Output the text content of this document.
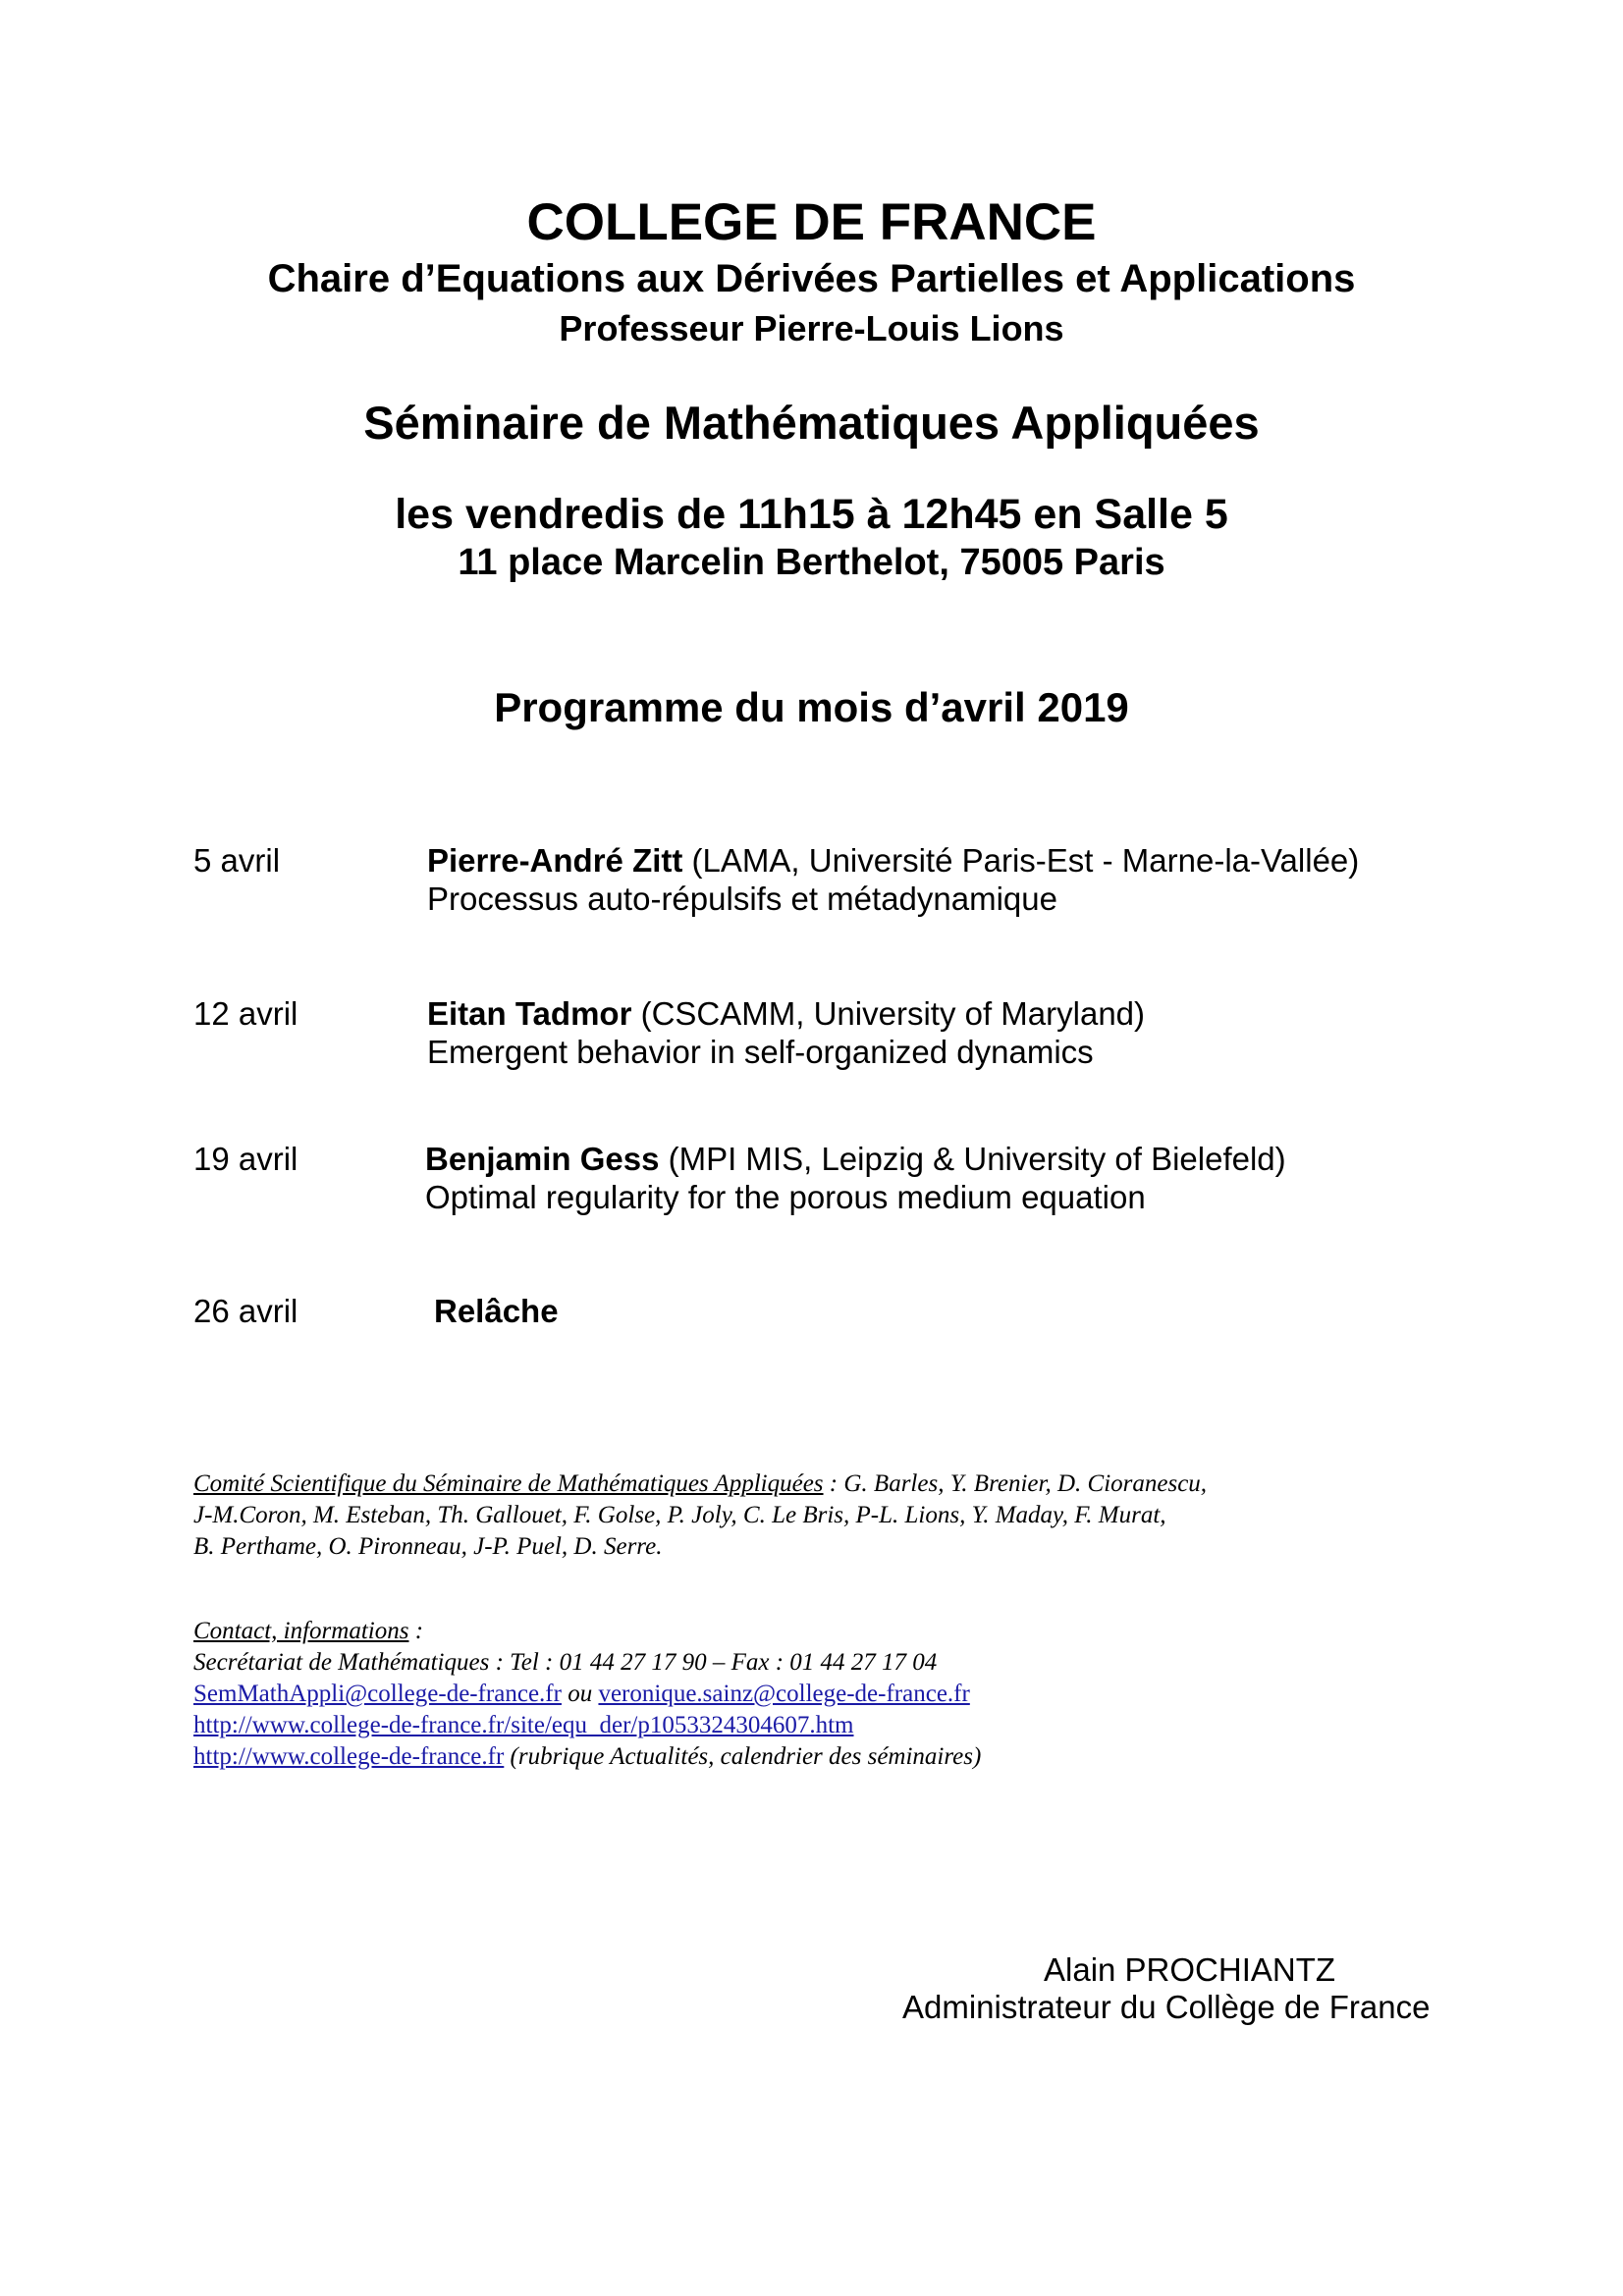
COLLEGE DE FRANCE
Chaire d’Equations aux Dérivées Partielles et Applications
Professeur Pierre-Louis Lions
Séminaire de Mathématiques Appliquées
les vendredis de 11h15 à 12h45 en Salle 5
11 place Marcelin Berthelot, 75005 Paris
Programme du mois d’avril 2019
5 avril	Pierre-André Zitt (LAMA, Université Paris-Est - Marne-la-Vallée)
Processus auto-répulsifs et métadynamique
12 avril	Eitan Tadmor (CSCAMM, University of Maryland)
Emergent behavior in self-organized dynamics
19 avril	Benjamin Gess (MPI MIS, Leipzig & University of Bielefeld)
Optimal regularity for the porous medium equation
26 avril	Relâche
Comité Scientifique du Séminaire de Mathématiques Appliquées : G. Barles, Y. Brenier, D. Cioranescu,
J-M.Coron, M. Esteban, Th. Gallouet, F. Golse, P. Joly, C. Le Bris, P-L. Lions, Y. Maday, F. Murat,
B. Perthame, O. Pironneau, J-P. Puel, D. Serre.
Contact, informations :
Secrétariat de Mathématiques : Tel : 01 44 27 17 90 – Fax : 01 44 27 17 04
SemMathAppli@college-de-france.fr ou veronique.sainz@college-de-france.fr
http://www.college-de-france.fr/site/equ_der/p1053324304607.htm
http://www.college-de-france.fr (rubrique Actualités, calendrier des séminaires)
Alain PROCHIANTZ
Administrateur du Collège de France
